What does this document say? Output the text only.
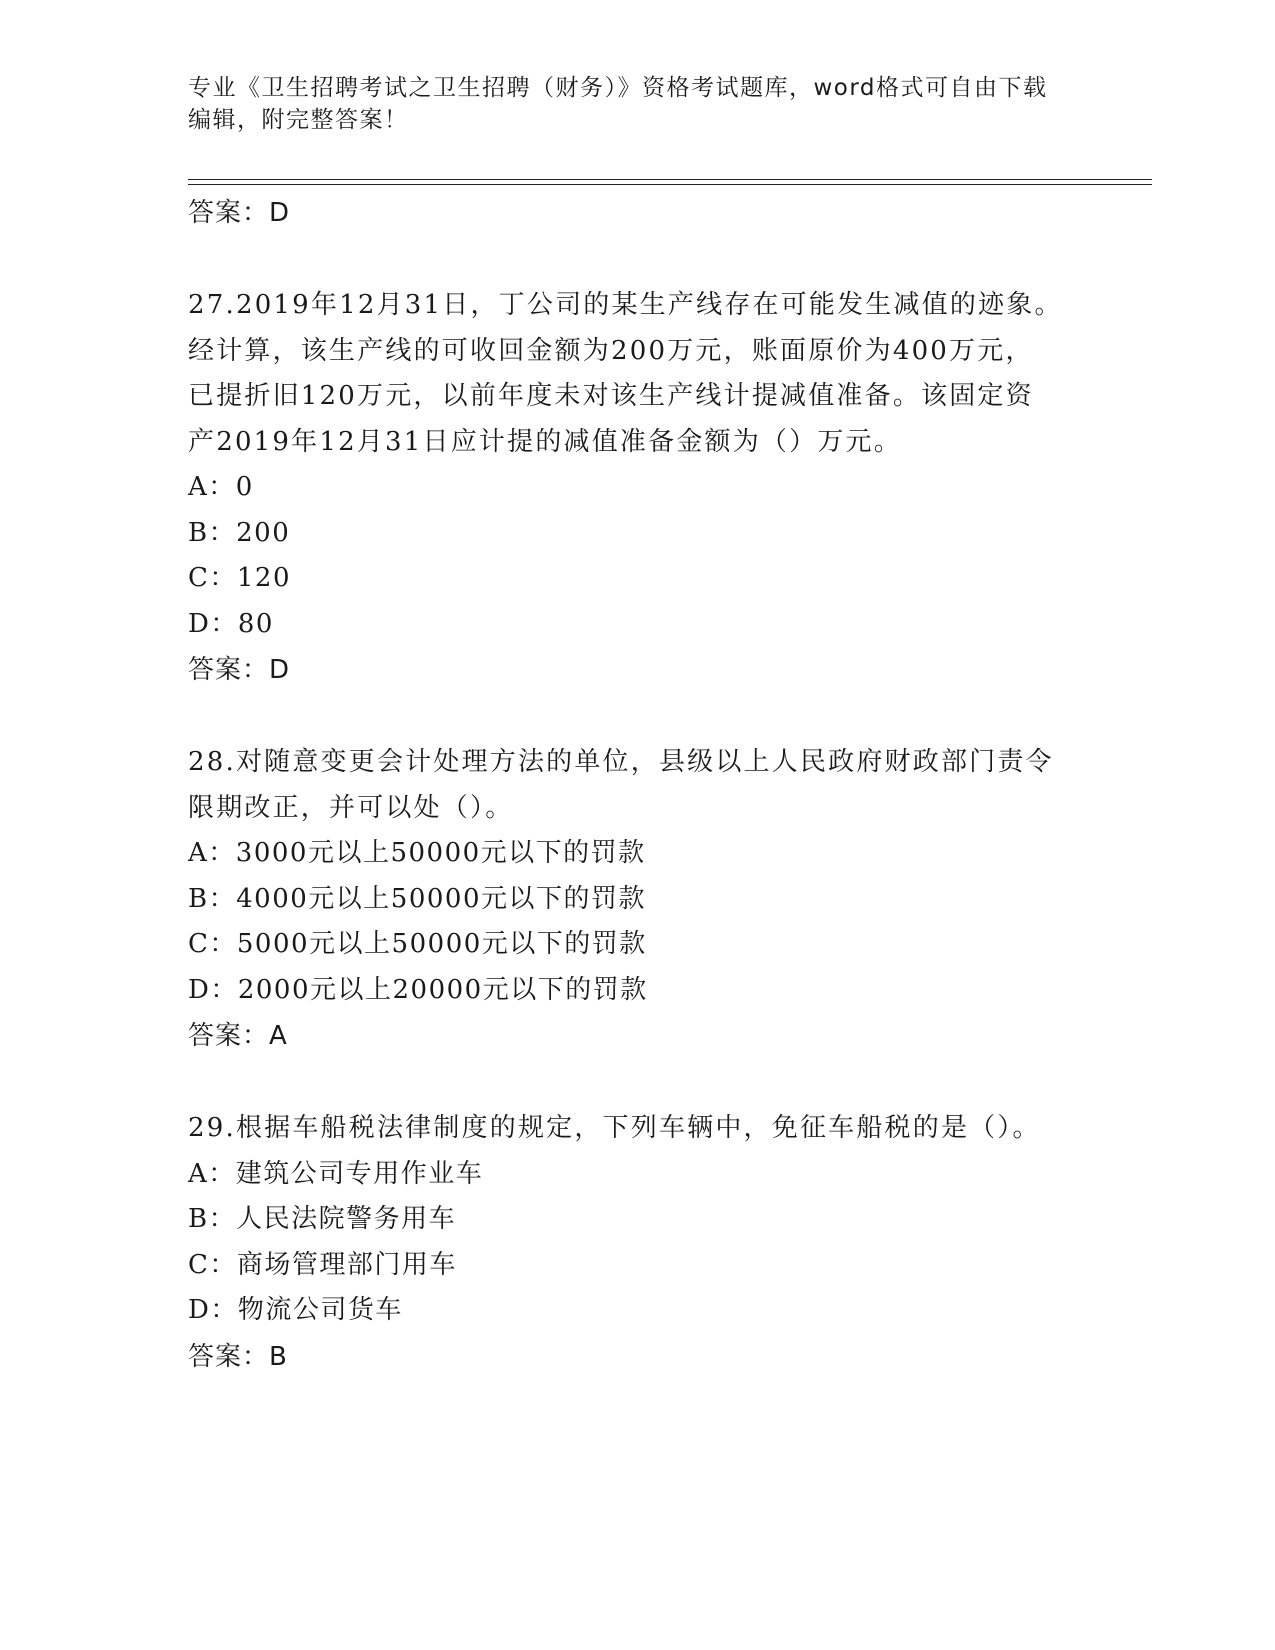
专业《卫生招聘考试之卫生招聘（财务）》资格考试题库，word格式可自由下载
编辑，附完整答案！
答案：D
27.2019年12月31日，丁公司的某生产线存在可能发生减值的迹象。
经计算，该生产线的可收回金额为200万元，账面原价为400万元，
已提折旧120万元，以前年度未对该生产线计提减值准备。该固定资
产2019年12月31日应计提的减值准备金额为（）万元。
A：0
B：200
C：120
D：80
答案：D
28.对随意变更会计处理方法的单位，县级以上人民政府财政部门责令
限期改正，并可以处（）。
A：3000元以上50000元以下的罚款
B：4000元以上50000元以下的罚款
C：5000元以上50000元以下的罚款
D：2000元以上20000元以下的罚款
答案：A
29.根据车船税法律制度的规定，下列车辆中，免征车船税的是（）。
A：建筑公司专用作业车
B：人民法院警务用车
C：商场管理部门用车
D：物流公司货车
答案：B
